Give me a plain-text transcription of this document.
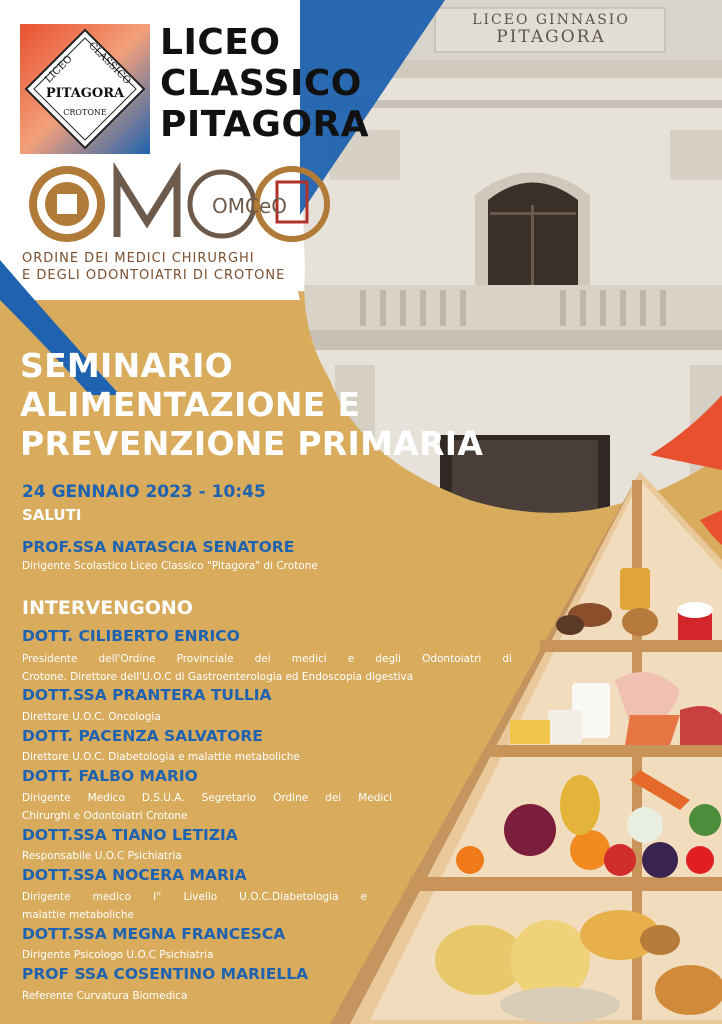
LICEO CLASSICO
PITAGORA
CROTONE
LICEO
CLASSICO
PITAGORA
LICEO GINNASIO
PITAGORA
OMCeO
ORDINE DEI MEDICI CHIRURGHI
E DEGLI ODONTOIATRI DI CROTONE
SEMINARIO
ALIMENTAZIONE E
PREVENZIONE PRIMARIA
24 GENNAIO 2023 - 10:45
SALUTI
PROF.SSA NATASCIA SENATORE
Dirigente Scolastico Liceo Classico "Pitagora" di Crotone
INTERVENGONO
DOTT. CILIBERTO ENRICO
Presidente dell'Ordine Provinciale dei medici e degli Odontoiatri di
Crotone. Direttore dell'U.O.C di Gastroenterologia ed Endoscopia digestiva
DOTT.SSA PRANTERA TULLIA
Direttore U.O.C. Oncologia
DOTT. PACENZA SALVATORE
Direttore U.O.C. Diabetologia e malattie metaboliche
DOTT. FALBO MARIO
Dirigente Medico D.S.U.A. Segretario Ordine dei Medici
Chirurghi e Odontoiatri Crotone
DOTT.SSA TIANO LETIZIA
Responsabile U.O.C Psichiatria
DOTT.SSA NOCERA MARIA
Dirigente medico I° Livello U.O.C.Diabetologia e
malattie metaboliche
DOTT.SSA MEGNA FRANCESCA
Dirigente Psicologo U.O.C Psichiatria
PROF SSA COSENTINO MARIELLA
Referente Curvatura Biomedica
